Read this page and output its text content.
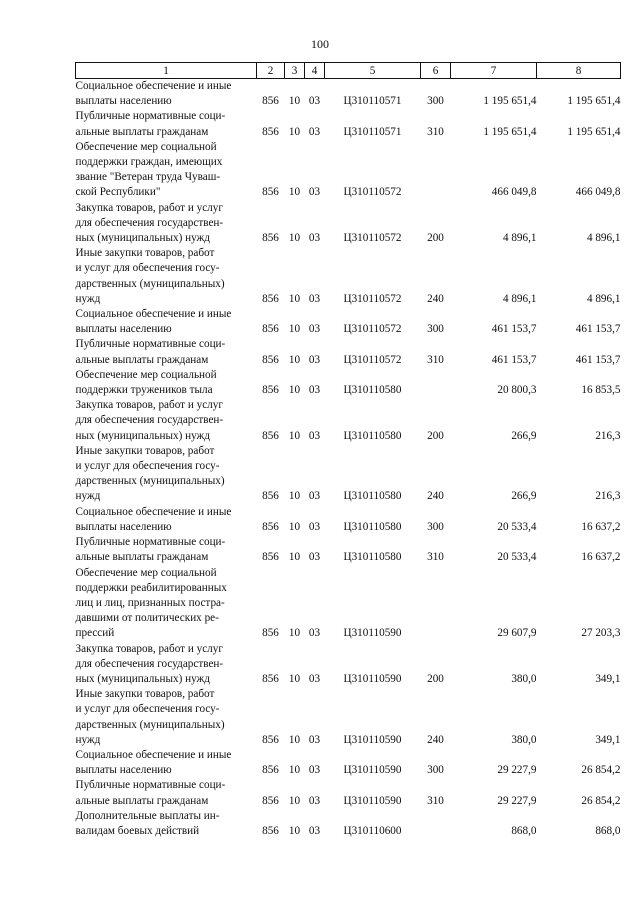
100
1	2	3	4	5	6	7	8

Социальное обеспечение и иные
выплаты населению	856	10	03	Ц310110571	300	1 195 651,4	1 195 651,4

Публичные нормативные соци-
альные выплаты гражданам	856	10	03	Ц310110571	310	1 195 651,4	1 195 651,4

Обеспечение мер социальной
поддержки граждан, имеющих
звание "Ветеран труда Чуваш-
ской Республики"	856	10	03	Ц310110572		466 049,8	466 049,8

Закупка товаров, работ и услуг
для обеспечения государствен-
ных (муниципальных) нужд	856	10	03	Ц310110572	200	4 896,1	4 896,1

Иные закупки товаров, работ
и услуг для обеспечения госу-
дарственных (муниципальных)
нужд	856	10	03	Ц310110572	240	4 896,1	4 896,1

Социальное обеспечение и иные
выплаты населению	856	10	03	Ц310110572	300	461 153,7	461 153,7

Публичные нормативные соци-
альные выплаты гражданам	856	10	03	Ц310110572	310	461 153,7	461 153,7

Обеспечение мер социальной
поддержки тружеников тыла	856	10	03	Ц310110580		20 800,3	16 853,5

Закупка товаров, работ и услуг
для обеспечения государствен-
ных (муниципальных) нужд	856	10	03	Ц310110580	200	266,9	216,3

Иные закупки товаров, работ
и услуг для обеспечения госу-
дарственных (муниципальных)
нужд	856	10	03	Ц310110580	240	266,9	216,3

Социальное обеспечение и иные
выплаты населению	856	10	03	Ц310110580	300	20 533,4	16 637,2

Публичные нормативные соци-
альные выплаты гражданам	856	10	03	Ц310110580	310	20 533,4	16 637,2

Обеспечение мер социальной
поддержки реабилитированных
лиц и лиц, признанных постра-
давшими от политических ре-
прессий	856	10	03	Ц310110590		29 607,9	27 203,3

Закупка товаров, работ и услуг
для обеспечения государствен-
ных (муниципальных) нужд	856	10	03	Ц310110590	200	380,0	349,1

Иные закупки товаров, работ
и услуг для обеспечения госу-
дарственных (муниципальных)
нужд	856	10	03	Ц310110590	240	380,0	349,1

Социальное обеспечение и иные
выплаты населению	856	10	03	Ц310110590	300	29 227,9	26 854,2

Публичные нормативные соци-
альные выплаты гражданам	856	10	03	Ц310110590	310	29 227,9	26 854,2

Дополнительные выплаты ин-
валидам боевых действий	856	10	03	Ц310110600		868,0	868,0
